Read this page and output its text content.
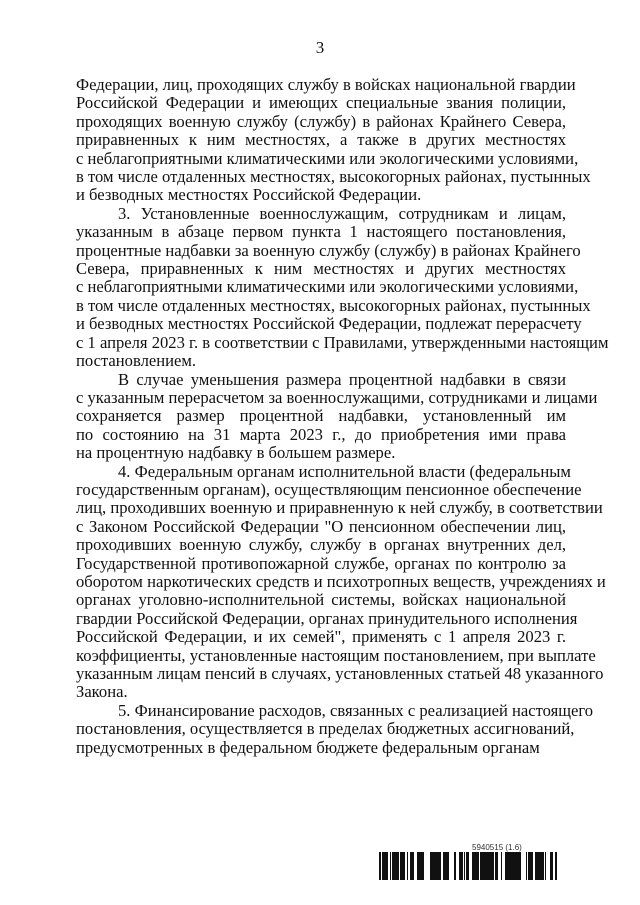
3

Федерации, лиц, проходящих службу в войсках национальной гвардии
Российской Федерации и имеющих специальные звания полиции,
проходящих военную службу (службу) в районах Крайнего Севера,
приравненных к ним местностях, а также в других местностях
с неблагоприятными климатическими или экологическими условиями,
в том числе отдаленных местностях, высокогорных районах, пустынных
и безводных местностях Российской Федерации.

3. Установленные военнослужащим, сотрудникам и лицам,
указанным в абзаце первом пункта 1 настоящего постановления,
процентные надбавки за военную службу (службу) в районах Крайнего
Севера, приравненных к ним местностях и других местностях
с неблагоприятными климатическими или экологическими условиями,
в том числе отдаленных местностях, высокогорных районах, пустынных
и безводных местностях Российской Федерации, подлежат перерасчету
с 1 апреля 2023 г. в соответствии с Правилами, утвержденными настоящим
постановлением.

В случае уменьшения размера процентной надбавки в связи
с указанным перерасчетом за военнослужащими, сотрудниками и лицами
сохраняется размер процентной надбавки, установленный им
по состоянию на 31 марта 2023 г., до приобретения ими права
на процентную надбавку в большем размере.

4. Федеральным органам исполнительной власти (федеральным
государственным органам), осуществляющим пенсионное обеспечение
лиц, проходивших военную и приравненную к ней службу, в соответствии
с Законом Российской Федерации "О пенсионном обеспечении лиц,
проходивших военную службу, службу в органах внутренних дел,
Государственной противопожарной службе, органах по контролю за
оборотом наркотических средств и психотропных веществ, учреждениях и
органах уголовно-исполнительной системы, войсках национальной
гвардии Российской Федерации, органах принудительного исполнения
Российской Федерации, и их семей", применять с 1 апреля 2023 г.
коэффициенты, установленные настоящим постановлением, при выплате
указанным лицам пенсий в случаях, установленных статьей 48 указанного
Закона.

5. Финансирование расходов, связанных с реализацией настоящего
постановления, осуществляется в пределах бюджетных ассигнований,
предусмотренных в федеральном бюджете федеральным органам

5940515 (1.6)
